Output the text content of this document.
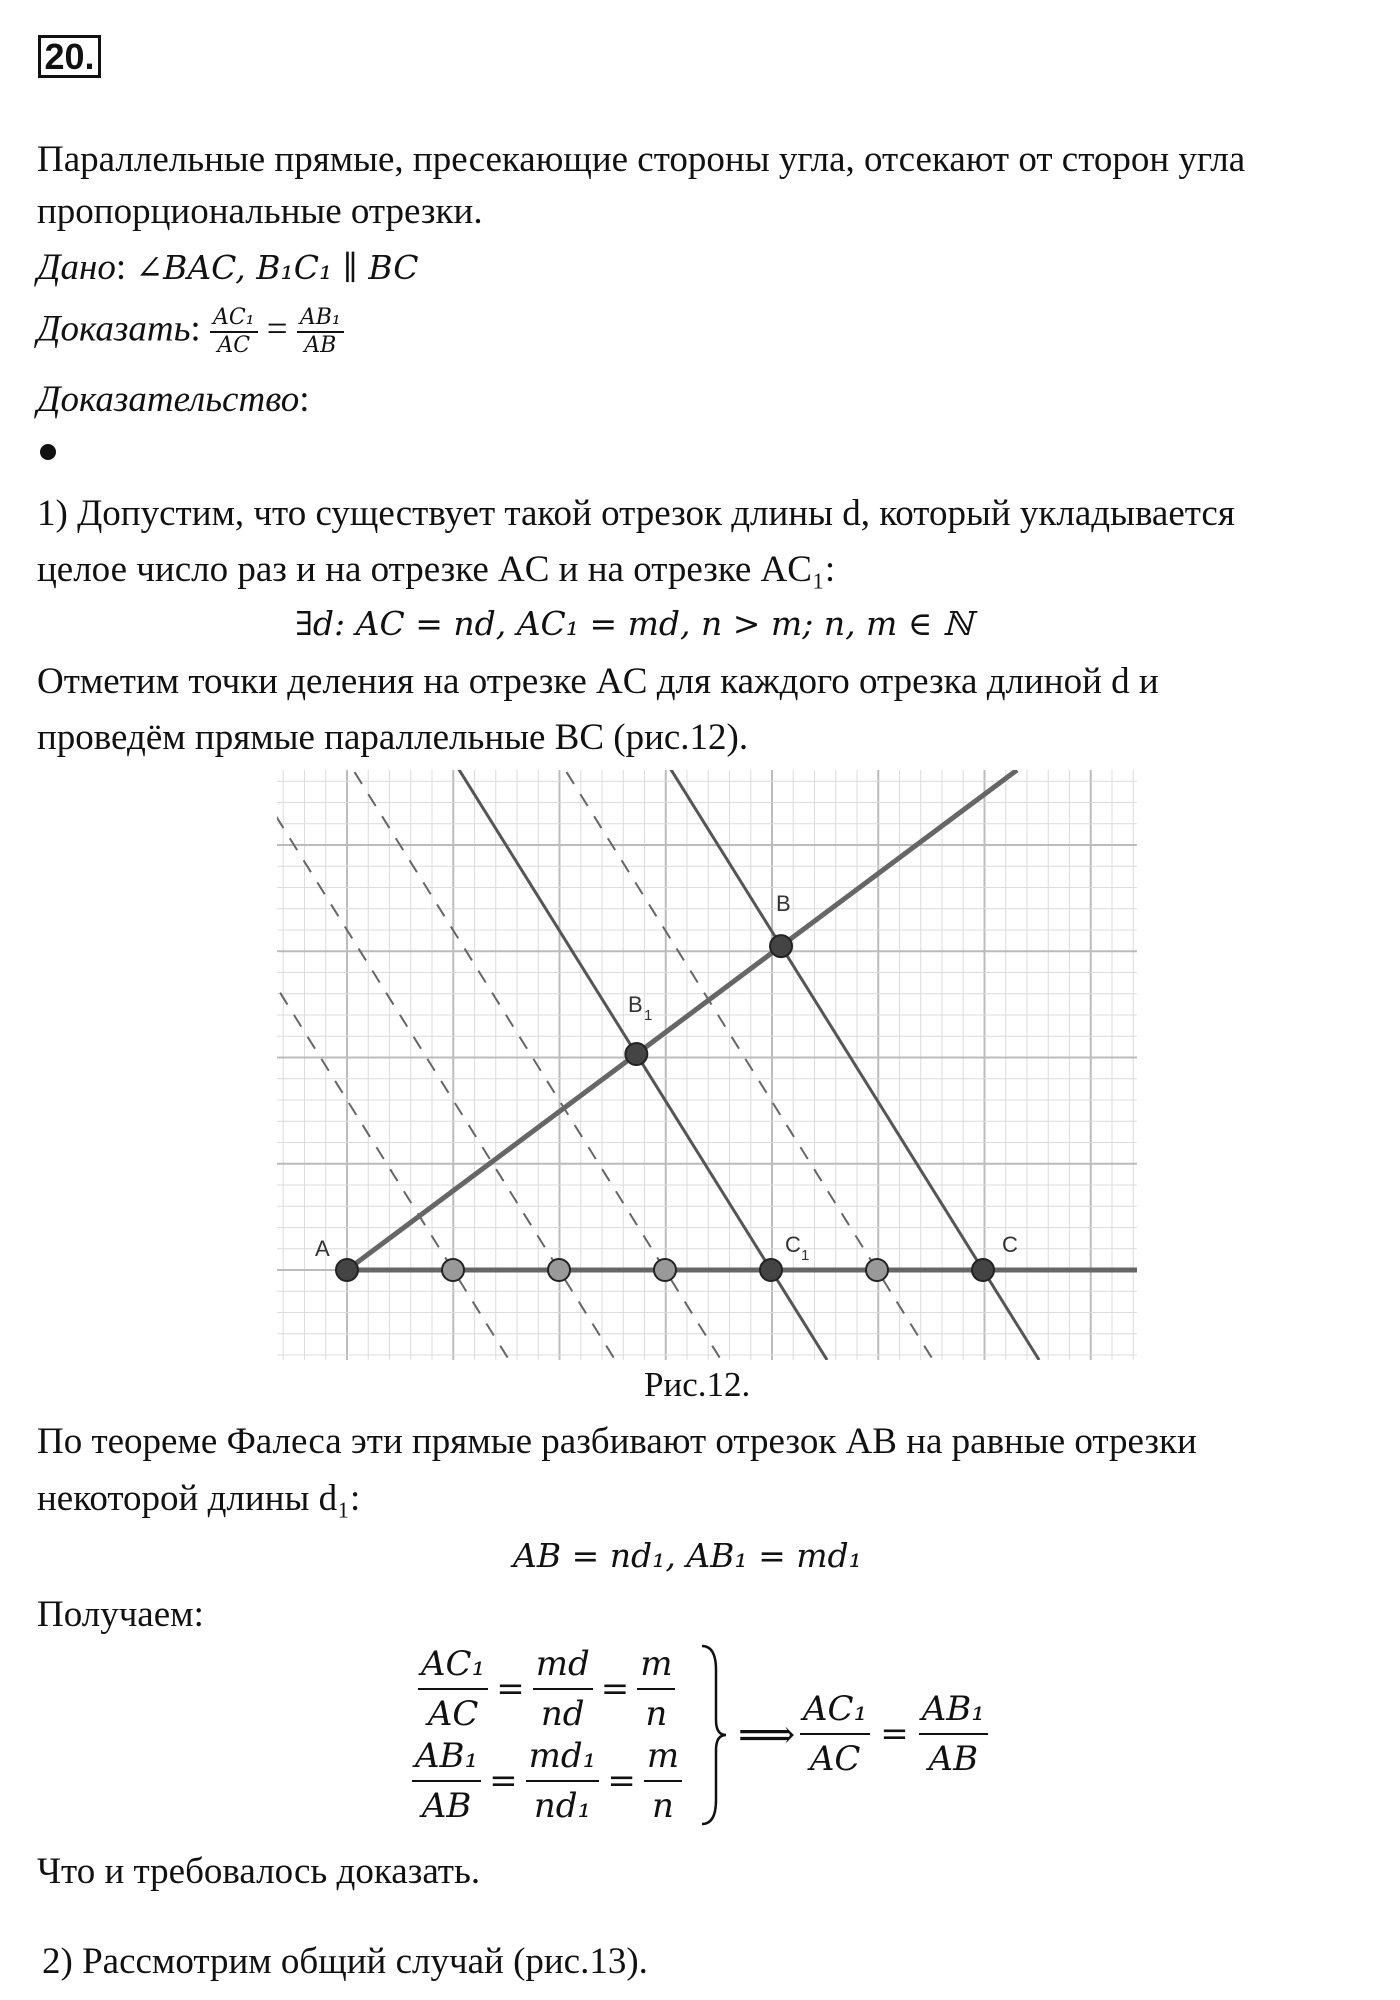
20.
Параллельные прямые, пресекающие стороны угла, отсекают от сторон угла
пропорциональные отрезки.
Дано: ∠BAC, B₁C₁ ∥ BC
Доказать: $\frac{\text{AC₁}}{AC} = \frac{\text{AB₁}}{AB}$
Доказательство:
1) Допустим, что существует такой отрезок длины d, который укладывается
целое число раз и на отрезке AC и на отрезке AC₁:
∃d: AC = nd, AC₁ = md, n > m; n, m ∈ ℕ
Отметим точки деления на отрезке AC для каждого отрезка длиной d и
проведём прямые параллельные BC (рис.12).
A
B
B 1
C 1	C
Рис.12.
По теореме Фалеса эти прямые разбивают отрезок AB на равные отрезки
некоторой длины d₁:
AB = nd₁, AB₁ = md₁
Получаем:
$\frac{\text{AC₁}}{AC} = \frac{md}{nd} = \frac{m}{n}$
$\frac{\text{AB₁}}{AB} = \frac{\text{md₁}}{\text{nd₁}} = \frac{m}{n}$ ⟹ $\frac{\text{AC₁}}{AC} = \frac{\text{AB₁}}{AB}$
Что и требовалось доказать.
2) Рассмотрим общий случай (рис.13).
